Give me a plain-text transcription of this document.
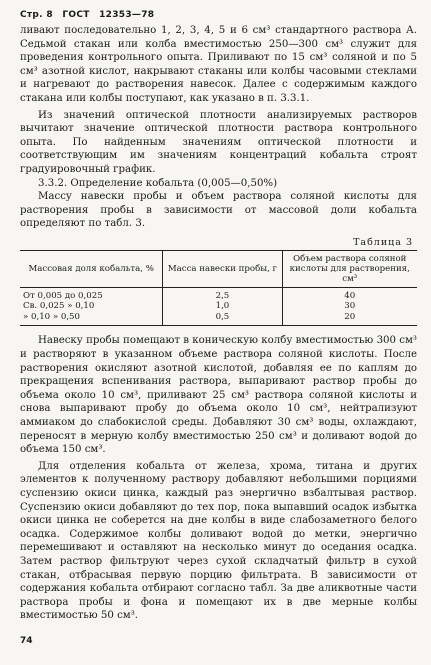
Стр. 8 ГОСТ 12353—78

ливают последовательно 1, 2, 3, 4, 5 и 6 см³ стандартного раствора А. Седьмой стакан или колба вместимостью 250—300 см³ служит для проведения контрольного опыта. Приливают по 15 см³ соляной и по 5 см³ азотной кислот, накрывают стаканы или колбы часовыми стеклами и нагревают до растворения навесок. Далее с содержимым каждого стакана или колбы поступают, как указано в п. 3.3.1.

Из значений оптической плотности анализируемых растворов вычитают значение оптической плотности раствора контрольного опыта. По найденным значениям оптической плотности и соответствующим им значениям концентраций кобальта строят градуировочный график.

3.3.2. Определение кобальта (0,005—0,50%)

Массу навески пробы и объем раствора соляной кислоты для растворения пробы в зависимости от массовой доли кобальта определяют по табл. 3.

Таблица 3
Массовая доля кобальта, %	Масса навески пробы, г	Объем раствора соляной кислоты для растворения, см³
От 0,005 до 0,025	2,5	40
Св. 0,025 » 0,10	1,0	30
» 0,10 » 0,50	0,5	20

Навеску пробы помещают в коническую колбу вместимостью 300 см³ и растворяют в указанном объеме раствора соляной кислоты. После растворения окисляют азотной кислотой, добавляя ее по каплям до прекращения вспенивания раствора, выпаривают раствор пробы до объема около 10 см³, приливают 25 см³ раствора соляной кислоты и снова выпаривают пробу до объема около 10 см³, нейтрализуют аммиаком до слабокислой среды. Добавляют 30 см³ воды, охлаждают, переносят в мерную колбу вместимостью 250 см³ и доливают водой до объема 150 см³.

Для отделения кобальта от железа, хрома, титана и других элементов к полученному раствору добавляют небольшими порциями суспензию окиси цинка, каждый раз энергично взбалтывая раствор. Суспензию окиси добавляют до тех пор, пока выпавший осадок избытка окиси цинка не соберется на дне колбы в виде слабозаметного белого осадка. Содержимое колбы доливают водой до метки, энергично перемешивают и оставляют на несколько минут до оседания осадка. Затем раствор фильтруют через сухой складчатый фильтр в сухой стакан, отбрасывая первую порцию фильтрата. В зависимости от содержания кобальта отбирают согласно табл. За две аликвотные части раствора пробы и фона и помещают их в две мерные колбы вместимостью 50 см³.

74
